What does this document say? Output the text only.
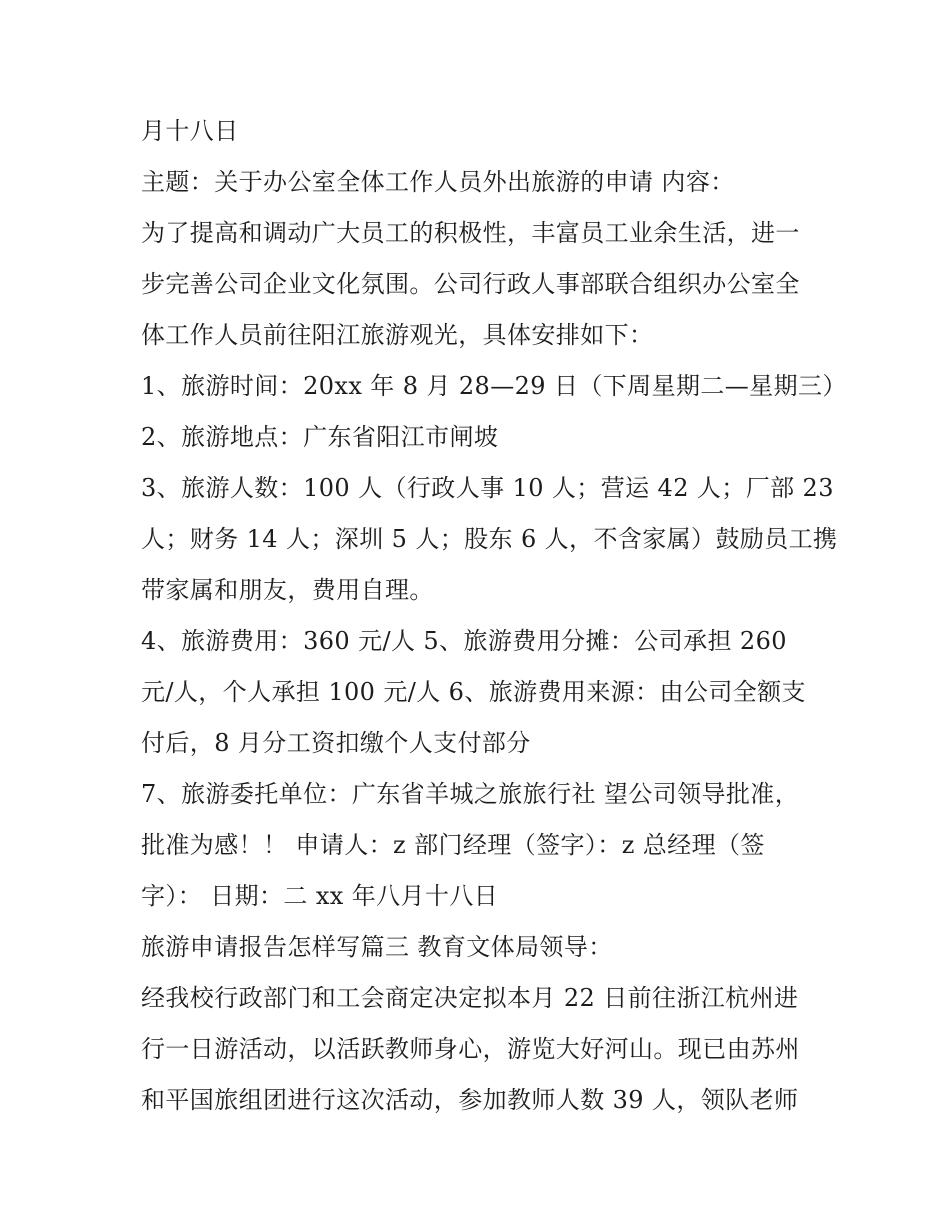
月十八日
主题：关于办公室全体工作人员外出旅游的申请 内容：
为了提高和调动广大员工的积极性，丰富员工业余生活，进一
步完善公司企业文化氛围。公司行政人事部联合组织办公室全
体工作人员前往阳江旅游观光，具体安排如下：
1、旅游时间：20xx 年 8 月 28—29 日（下周星期二—星期三）
2、旅游地点：广东省阳江市闸坡
3、旅游人数：100 人（行政人事 10 人；营运 42 人；厂部 23
人；财务 14 人；深圳 5 人；股东 6 人，不含家属）鼓励员工携
带家属和朋友，费用自理。
4、旅游费用：360 元/人 5、旅游费用分摊：公司承担 260
元/人，个人承担 100 元/人 6、旅游费用来源：由公司全额支
付后，8 月分工资扣缴个人支付部分
7、旅游委托单位：广东省羊城之旅旅行社 望公司领导批准，
批准为感！！ 申请人：z 部门经理（签字）：z 总经理（签
字）： 日期：二 xx 年八月十八日
旅游申请报告怎样写篇三 教育文体局领导：
经我校行政部门和工会商定决定拟本月 22 日前往浙江杭州进
行一日游活动，以活跃教师身心，游览大好河山。现已由苏州
和平国旅组团进行这次活动，参加教师人数 39 人，领队老师
